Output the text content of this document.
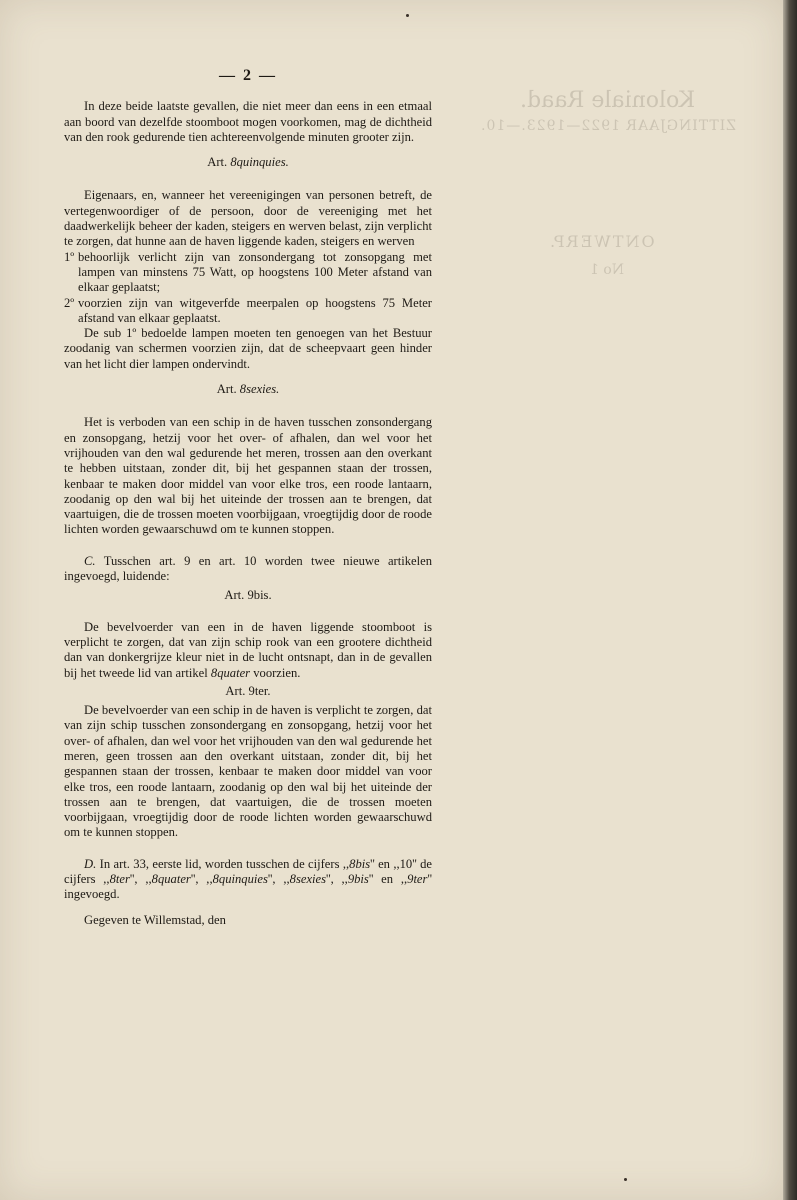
Koloniale Raad.
ZITTINGJAAR 1922—1923.—10.
ONTWERP.
No 1
— 2 —

In deze beide laatste gevallen, die niet meer dan eens in een etmaal aan boord van dezelfde stoomboot mogen voorkomen, mag de dichtheid van den rook gedurende tien achtereenvolgende minuten grooter zijn.

Art. 8quinquies.

Eigenaars, en, wanneer het vereenigingen van personen betreft, de vertegenwoordiger of de persoon, door de vereeniging met het daadwerkelijk beheer der kaden, steigers en werven belast, zijn verplicht te zorgen, dat hunne aan de haven liggende kaden, steigers en werven

1º behoorlijk verlicht zijn van zonsondergang tot zonsopgang met lampen van minstens 75 Watt, op hoogstens 100 Meter afstand van elkaar geplaatst;
2º voorzien zijn van witgeverfde meerpalen op hoogstens 75 Meter afstand van elkaar geplaatst.

De sub 1º bedoelde lampen moeten ten genoegen van het Bestuur zoodanig van schermen voorzien zijn, dat de scheepvaart geen hinder van het licht dier lampen ondervindt.

Art. 8sexies.

Het is verboden van een schip in de haven tusschen zonsondergang en zonsopgang, hetzij voor het over- of afhalen, dan wel voor het vrijhouden van den wal gedurende het meren, trossen aan den overkant te hebben uitstaan, zonder dit, bij het gespannen staan der trossen, kenbaar te maken door middel van voor elke tros, een roode lantaarn, zoodanig op den wal bij het uiteinde der trossen aan te brengen, dat vaartuigen, die de trossen moeten voorbijgaan, vroegtijdig door de roode lichten worden gewaarschuwd om te kunnen stoppen.

C. Tusschen art. 9 en art. 10 worden twee nieuwe artikelen ingevoegd, luidende:

Art. 9bis.

De bevelvoerder van een in de haven liggende stoomboot is verplicht te zorgen, dat van zijn schip rook van een grootere dichtheid dan van donkergrijze kleur niet in de lucht ontsnapt, dan in de gevallen bij het tweede lid van artikel 8quater voorzien.

Art. 9ter.

De bevelvoerder van een schip in de haven is verplicht te zorgen, dat van zijn schip tusschen zonsondergang en zonsopgang, hetzij voor het over- of afhalen, dan wel voor het vrijhouden van den wal gedurende het meren, geen trossen aan den overkant uitstaan, zonder dit, bij het gespannen staan der trossen, kenbaar te maken door middel van voor elke tros, een roode lantaarn, zoodanig op den wal bij het uiteinde der trossen aan te brengen, dat vaartuigen, die de trossen moeten voorbijgaan, vroegtijdig door de roode lichten worden gewaarschuwd om te kunnen stoppen.

D. In art. 33, eerste lid, worden tusschen de cijfers ,,8bis'' en ,,10'' de cijfers ,,8ter'', ,,8quater'', ,,8quinquies'', ,,8sexies'', ,,9bis'' en ,,9ter'' ingevoegd.

Gegeven te Willemstad, den
